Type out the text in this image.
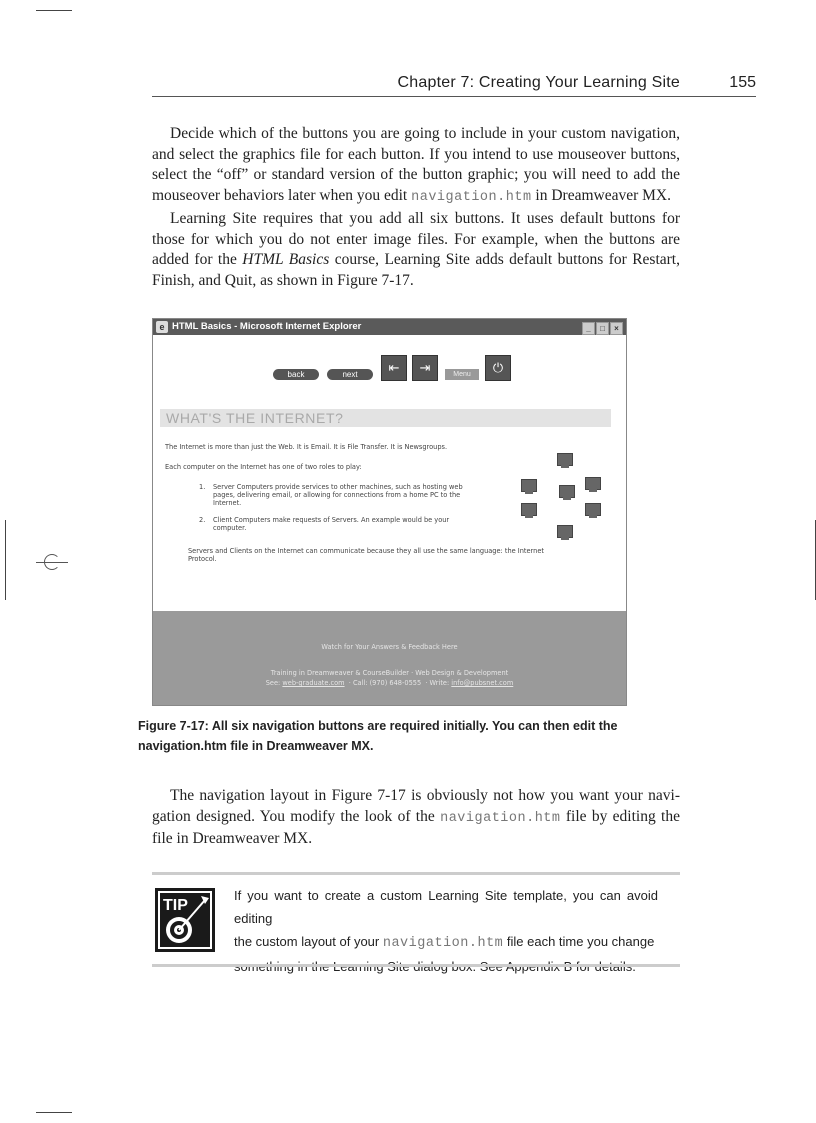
Chapter 7: Creating Your Learning Site	155

Decide which of the buttons you are going to include in your custom navigation, and select the graphics file for each button. If you intend to use mouseover buttons, select the “off” or standard version of the button graphic; you will need to add the mouseover behaviors later when you edit navigation.htm in Dreamweaver MX.

Learning Site requires that you add all six buttons. It uses default buttons for those for which you do not enter image files. For example, when the buttons are added for the HTML Basics course, Learning Site adds default buttons for Restart, Finish, and Quit, as shown in Figure 7-17.

e HTML Basics - Microsoft Internet Explorer	_ □ ×
back	next	⇤	⇥	Menu	⏻
WHAT'S THE INTERNET?
The Internet is more than just the Web. It is Email. It is File Transfer. It is Newsgroups.
Each computer on the Internet has one of two roles to play:
1. Server Computers provide services to other machines, such as hosting web
pages, delivering email, or allowing for connections from a home PC to the
Internet.
2. Client Computers make requests of Servers. An example would be your
computer.
Servers and Clients on the Internet can communicate because they all use the same language: the Internet
Protocol.
Watch for Your Answers & Feedback Here
Training in Dreamweaver & CourseBuilder · Web Design & Development
See: web-graduate.com  · Call: (970) 648-0555  · Write: info@pubsnet.com
Figure 7-17: All six navigation buttons are required initially. You can then edit the
navigation.htm file in Dreamweaver MX.

The navigation layout in Figure 7-17 is obviously not how you want your navi- gation designed. You modify the look of the navigation.htm file by editing the file in Dreamweaver MX.

TIP
If you want to create a custom Learning Site template, you can avoid editing
the custom layout of your navigation.htm file each time you change
